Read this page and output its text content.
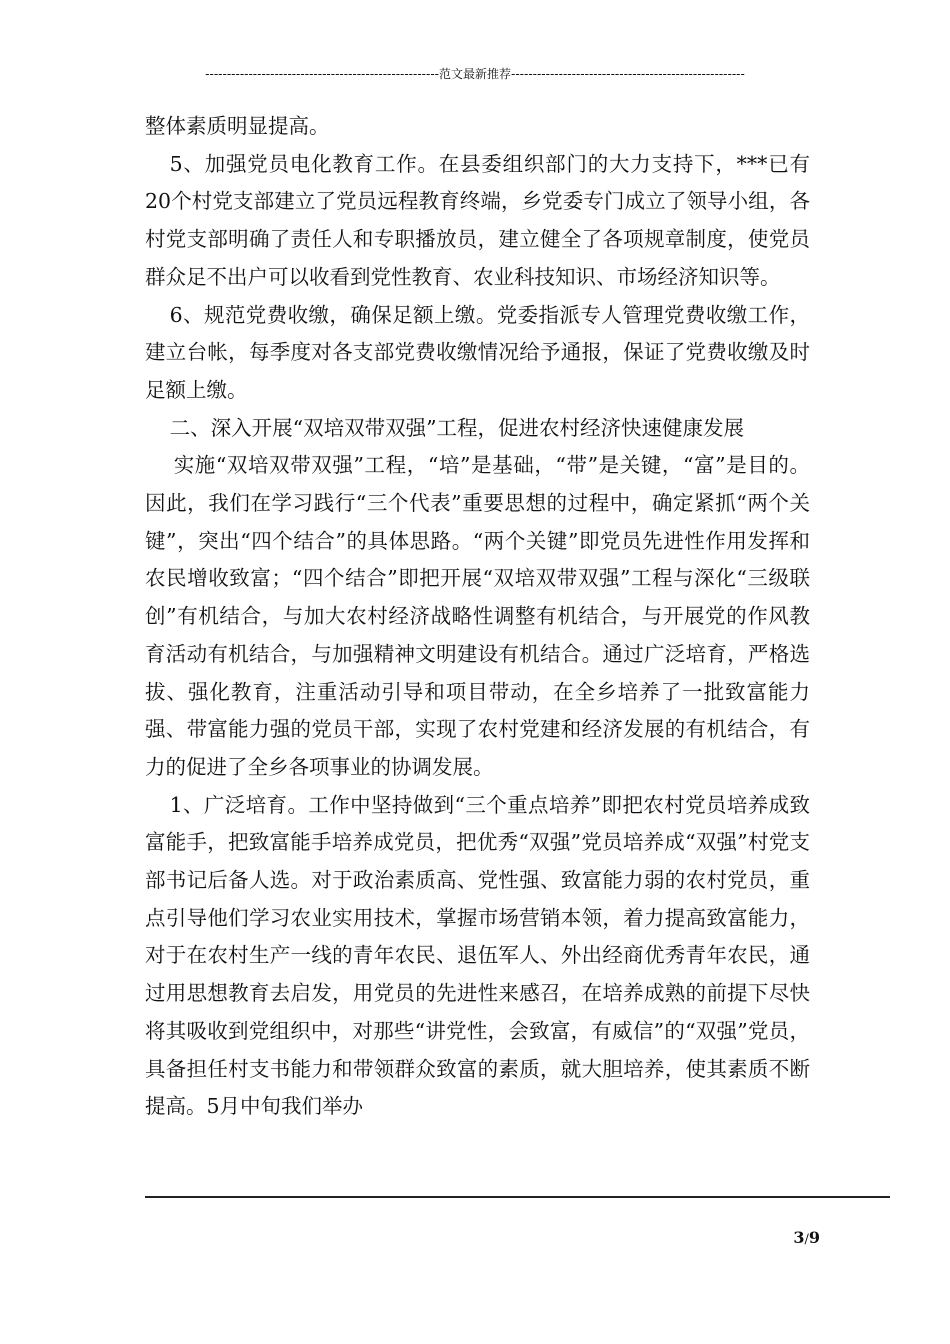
------------------------------------------------------范文最新推荐------------------------------------------------------

整体素质明显提高。

5、加强党员电化教育工作。在县委组织部门的大力支持下，***已有20个村党支部建立了党员远程教育终端，乡党委专门成立了领导小组，各村党支部明确了责任人和专职播放员，建立健全了各项规章制度，使党员群众足不出户可以收看到党性教育、农业科技知识、市场经济知识等。

6、规范党费收缴，确保足额上缴。党委指派专人管理党费收缴工作，建立台帐，每季度对各支部党费收缴情况给予通报，保证了党费收缴及时足额上缴。

二、深入开展“双培双带双强”工程，促进农村经济快速健康发展

实施“双培双带双强”工程，“培”是基础，“带”是关键，“富”是目的。因此，我们在学习践行“三个代表”重要思想的过程中，确定紧抓“两个关键”，突出“四个结合”的具体思路。“两个关键”即党员先进性作用发挥和农民增收致富；“四个结合”即把开展“双培双带双强”工程与深化“三级联创”有机结合，与加大农村经济战略性调整有机结合，与开展党的作风教育活动有机结合，与加强精神文明建设有机结合。通过广泛培育，严格选拔、强化教育，注重活动引导和项目带动，在全乡培养了一批致富能力强、带富能力强的党员干部，实现了农村党建和经济发展的有机结合，有力的促进了全乡各项事业的协调发展。

1、广泛培育。工作中坚持做到“三个重点培养”即把农村党员培养成致富能手，把致富能手培养成党员，把优秀“双强”党员培养成“双强”村党支部书记后备人选。对于政治素质高、党性强、致富能力弱的农村党员，重点引导他们学习农业实用技术，掌握市场营销本领，着力提高致富能力，对于在农村生产一线的青年农民、退伍军人、外出经商优秀青年农民，通过用思想教育去启发，用党员的先进性来感召，在培养成熟的前提下尽快将其吸收到党组织中，对那些“讲党性，会致富，有威信”的“双强”党员，具备担任村支书能力和带领群众致富的素质，就大胆培养，使其素质不断提高。5月中旬我们举办

3/9
